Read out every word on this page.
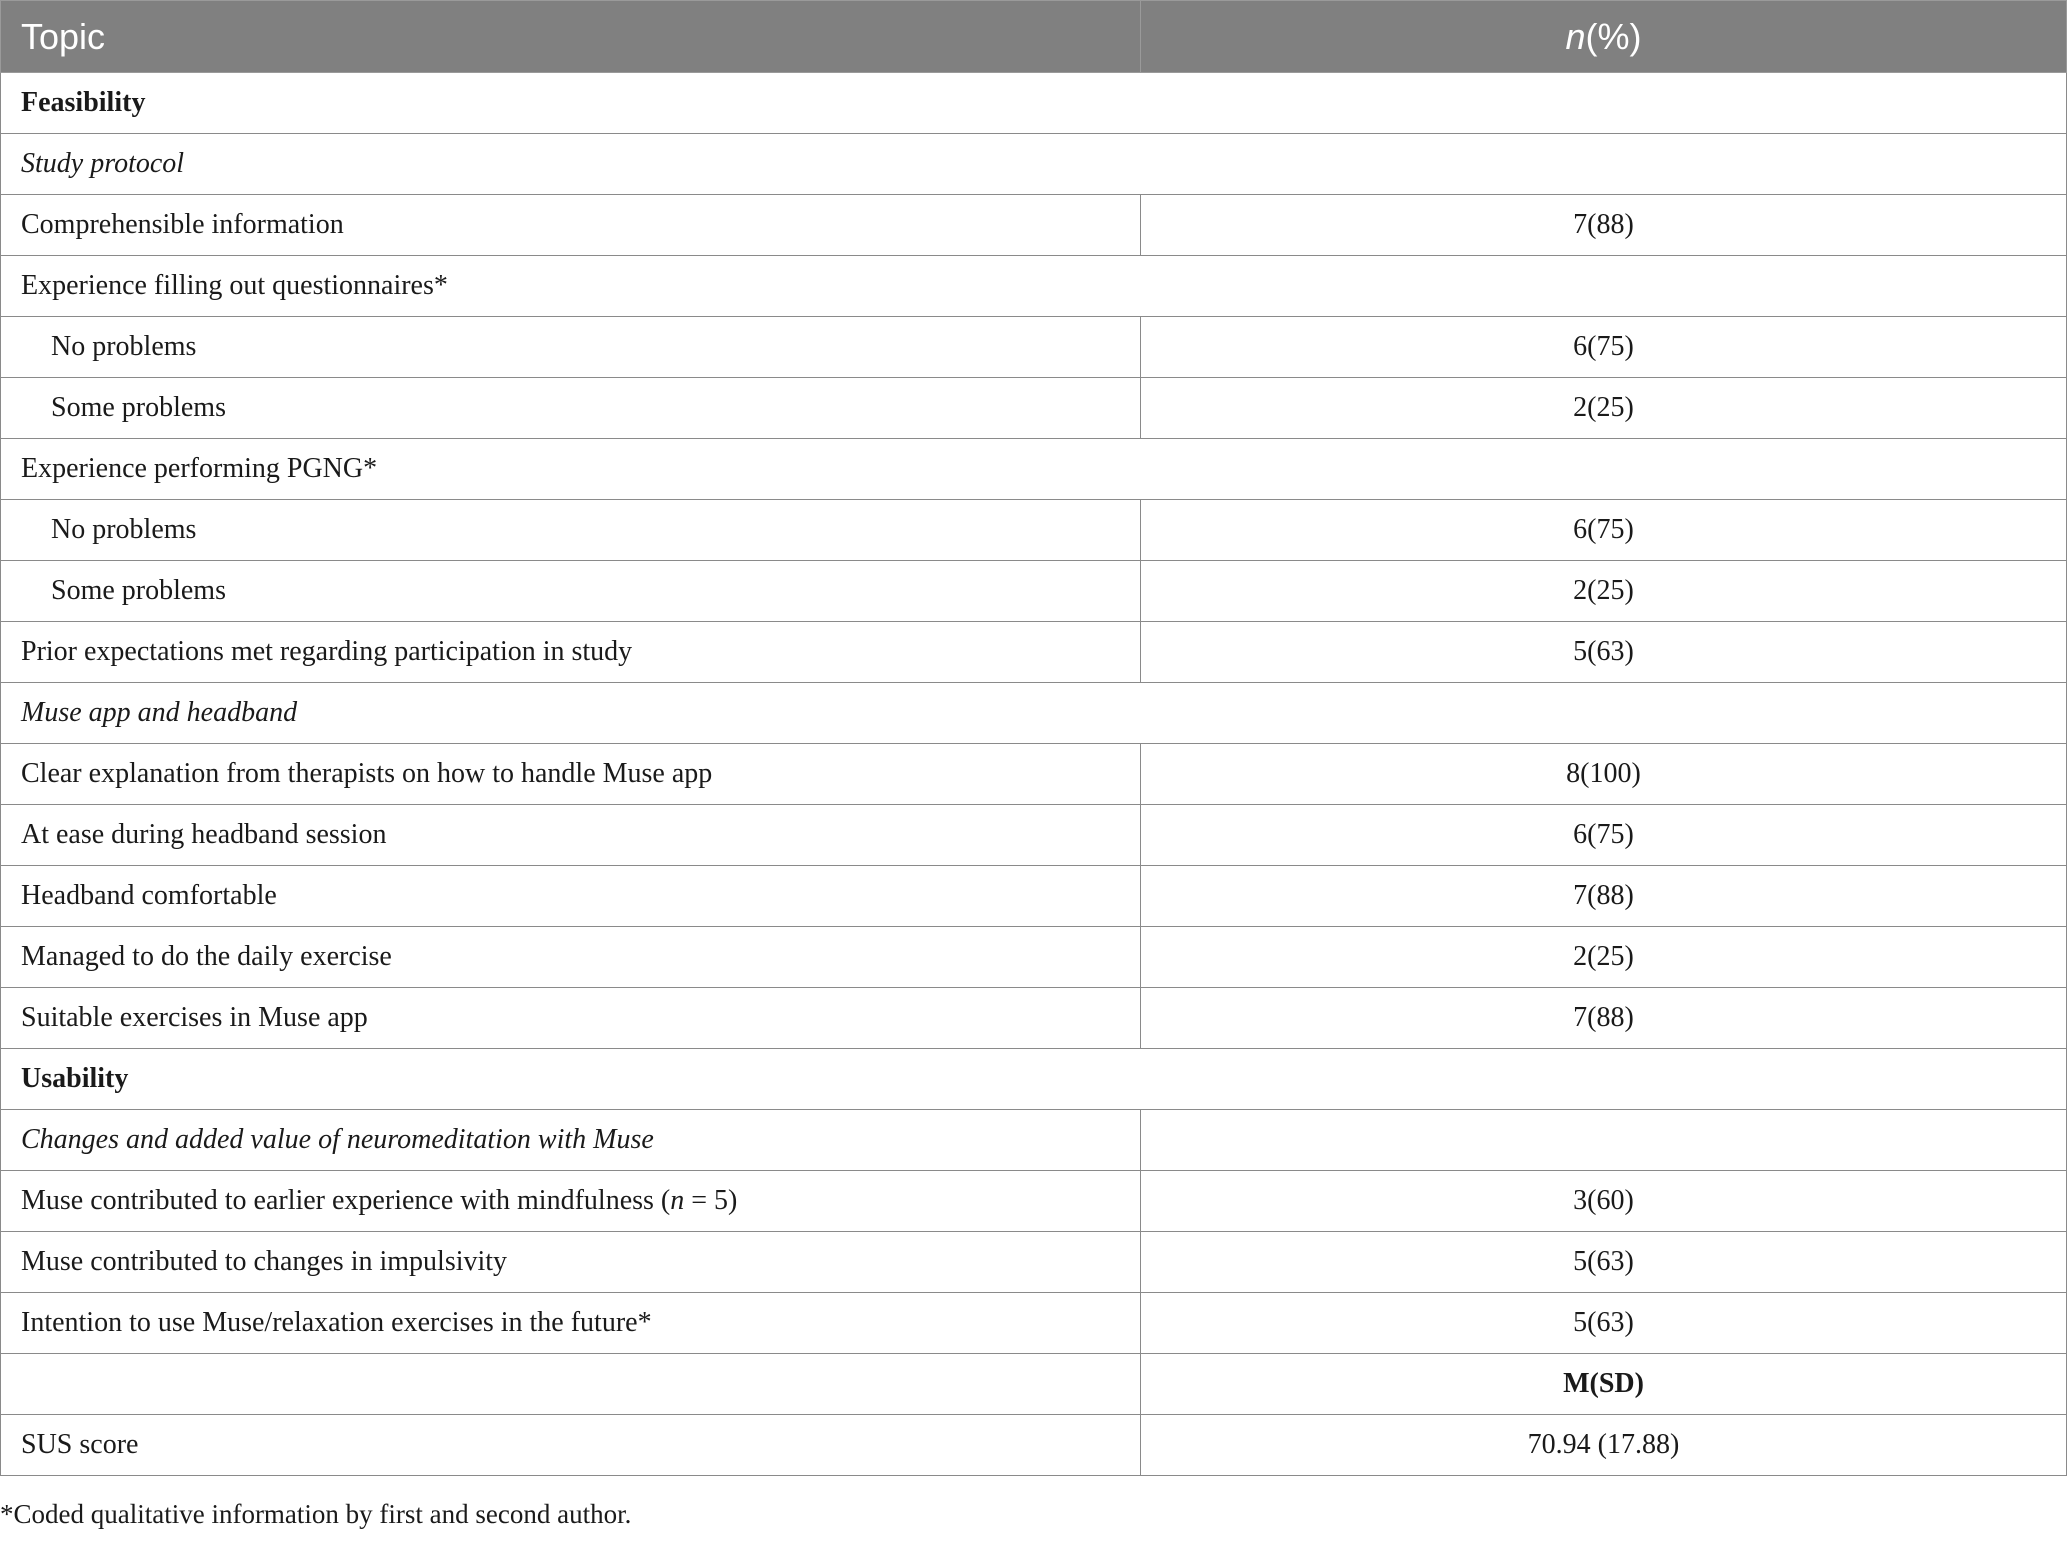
Topic	n(%)
Feasibility	
Study protocol	
Comprehensible information	7(88)
Experience filling out questionnaires*	
No problems	6(75)
Some problems	2(25)
Experience performing PGNG*	
No problems	6(75)
Some problems	2(25)
Prior expectations met regarding participation in study	5(63)
Muse app and headband	
Clear explanation from therapists on how to handle Muse app	8(100)
At ease during headband session	6(75)
Headband comfortable	7(88)
Managed to do the daily exercise	2(25)
Suitable exercises in Muse app	7(88)
Usability	
Changes and added value of neuromeditation with Muse	
Muse contributed to earlier experience with mindfulness (n = 5)	3(60)
Muse contributed to changes in impulsivity	5(63)
Intention to use Muse/relaxation exercises in the future*	5(63)
	M(SD)
SUS score	70.94 (17.88)
*Coded qualitative information by first and second author.
